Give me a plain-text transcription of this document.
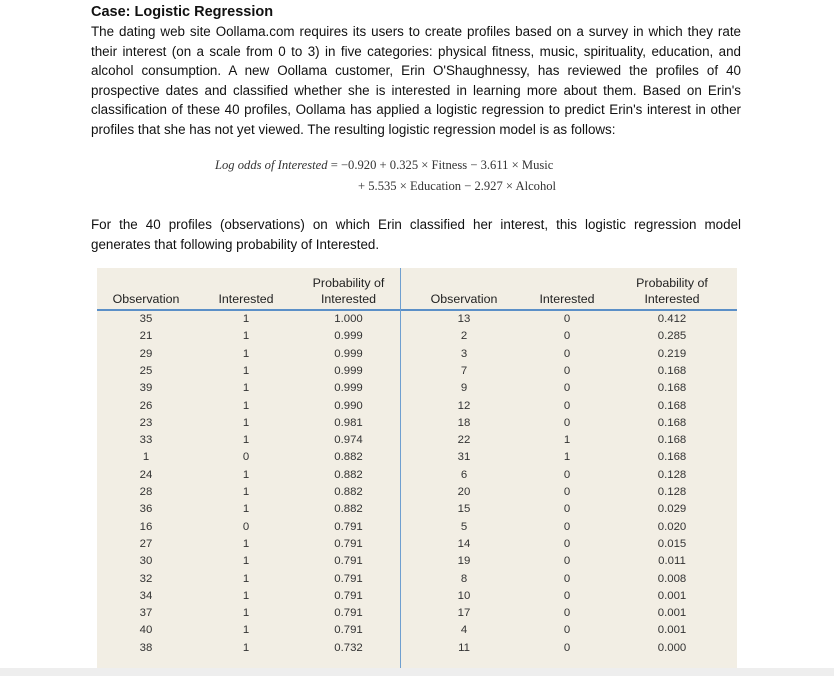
Case: Logistic Regression

The dating web site Oollama.com requires its users to create profiles based on a survey in which they rate their interest (on a scale from 0 to 3) in five categories: physical fitness, music, spirituality, education, and alcohol consumption. A new Oollama customer, Erin O'Shaughnessy, has reviewed the profiles of 40 prospective dates and classified whether she is interested in learning more about them. Based on Erin's classification of these 40 profiles, Oollama has applied a logistic regression to predict Erin's interest in other profiles that she has not yet viewed. The resulting logistic regression model is as follows:

Log odds of Interested = −0.920 + 0.325 × Fitness − 3.611 × Music
+ 5.535 × Education − 2.927 × Alcohol

For the 40 profiles (observations) on which Erin classified her interest, this logistic regression model generates that following probability of Interested.

Observation
35
21
29
25
39
26
23
33
1
24
28
36
16
27
30
32
34
37
40
38
Interested
1
1
1
1
1
1
1
1
0
1
1
1
0
1
1
1
1
1
1
1
Probability of
Interested
1.000
0.999
0.999
0.999
0.999
0.990
0.981
0.974
0.882
0.882
0.882
0.882
0.791
0.791
0.791
0.791
0.791
0.791
0.791
0.732
Observation
13
2
3
7
9
12
18
22
31
6
20
15
5
14
19
8
10
17
4
11
Interested
0
0
0
0
0
0
0
1
1
0
0
0
0
0
0
0
0
0
0
0
Probability of
Interested
0.412
0.285
0.219
0.168
0.168
0.168
0.168
0.168
0.168
0.128
0.128
0.029
0.020
0.015
0.011
0.008
0.001
0.001
0.001
0.000
